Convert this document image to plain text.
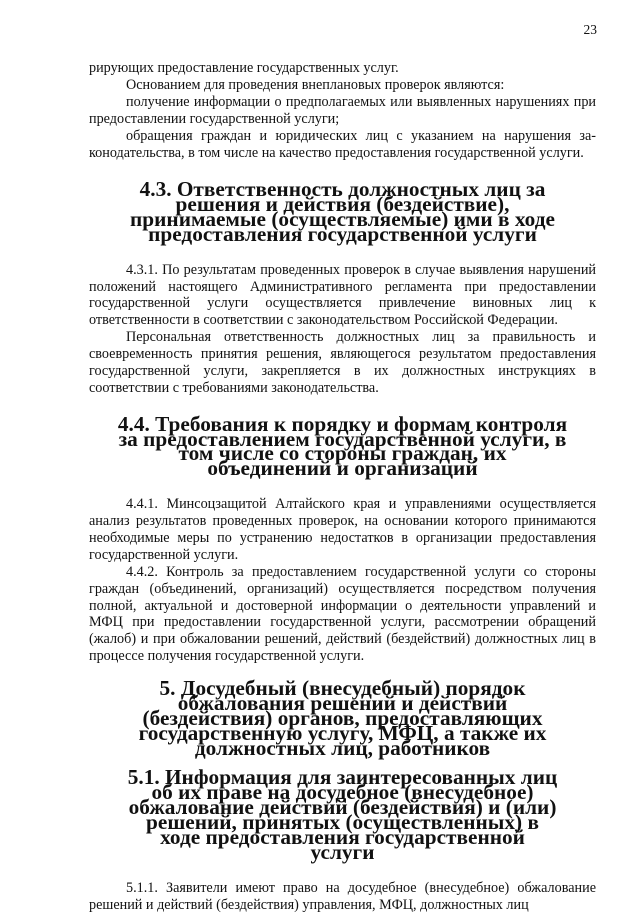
23

рирующих предоставление государственных услуг.

Основанием для проведения внеплановых проверок являются:

получение информации о предполагаемых или выявленных нарушениях при предоставлении государственной услуги;

обращения граждан и юридических лиц с указанием на нарушения законодательства, в том числе на качество предоставления государственной услуги.

4.3. Ответственность должностных лиц за решения и действия (бездействие), принимаемые (осуществляемые) ими в ходе предоставления государственной услуги

4.3.1. По результатам проведенных проверок в случае выявления нарушений положений настоящего Административного регламента при предоставлении государственной услуги осуществляется привлечение виновных лиц к ответственности в соответствии с законодательством Российской Федерации.

Персональная ответственность должностных лиц за правильность и своевременность принятия решения, являющегося результатом предоставления государственной услуги, закрепляется в их должностных инструкциях в соответствии с требованиями законодательства.

4.4. Требования к порядку и формам контроля за предоставлением государственной услуги, в том числе со стороны граждан, их объединений и организаций

4.4.1. Минсоцзащитой Алтайского края и управлениями осуществляется анализ результатов проведенных проверок, на основании которого принимаются необходимые меры по устранению недостатков в организации предоставления государственной услуги.

4.4.2. Контроль за предоставлением государственной услуги со стороны граждан (объединений, организаций) осуществляется посредством получения полной, актуальной и достоверной информации о деятельности управлений и МФЦ при предоставлении государственной услуги, рассмотрении обращений (жалоб) и при обжаловании решений, действий (бездействий) должностных лиц в процессе получения государственной услуги.

5. Досудебный (внесудебный) порядок обжалования решений и действий (бездействия) органов, предоставляющих государственную услугу, МФЦ, а также их должностных лиц, работников
5.1. Информация для заинтересованных лиц об их праве на досудебное (внесудебное) обжалование действий (бездействия) и (или) решений, принятых (осуществленных) в ходе предоставления государственной услуги

5.1.1. Заявители имеют право на досудебное (внесудебное) обжалование решений и действий (бездействия) управления, МФЦ, должностных лиц
